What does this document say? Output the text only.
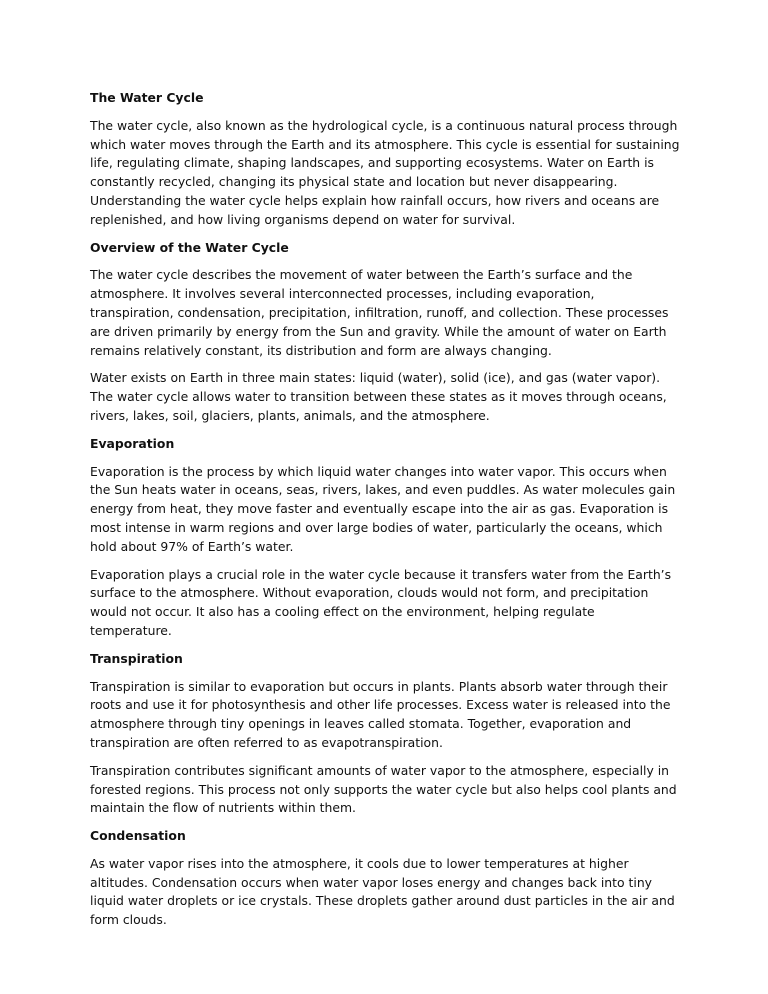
The Water Cycle

The water cycle, also known as the hydrological cycle, is a continuous natural process through which water moves through the Earth and its atmosphere. This cycle is essential for sustaining life, regulating climate, shaping landscapes, and supporting ecosystems. Water on Earth is constantly recycled, changing its physical state and location but never disappearing. Understanding the water cycle helps explain how rainfall occurs, how rivers and oceans are replenished, and how living organisms depend on water for survival.

Overview of the Water Cycle

The water cycle describes the movement of water between the Earth’s surface and the atmosphere. It involves several interconnected processes, including evaporation, transpiration, condensation, precipitation, infiltration, runoff, and collection. These processes are driven primarily by energy from the Sun and gravity. While the amount of water on Earth remains relatively constant, its distribution and form are always changing.

Water exists on Earth in three main states: liquid (water), solid (ice), and gas (water vapor). The water cycle allows water to transition between these states as it moves through oceans, rivers, lakes, soil, glaciers, plants, animals, and the atmosphere.

Evaporation

Evaporation is the process by which liquid water changes into water vapor. This occurs when the Sun heats water in oceans, seas, rivers, lakes, and even puddles. As water molecules gain energy from heat, they move faster and eventually escape into the air as gas. Evaporation is most intense in warm regions and over large bodies of water, particularly the oceans, which hold about 97% of Earth’s water.

Evaporation plays a crucial role in the water cycle because it transfers water from the Earth’s surface to the atmosphere. Without evaporation, clouds would not form, and precipitation would not occur. It also has a cooling effect on the environment, helping regulate temperature.

Transpiration

Transpiration is similar to evaporation but occurs in plants. Plants absorb water through their roots and use it for photosynthesis and other life processes. Excess water is released into the atmosphere through tiny openings in leaves called stomata. Together, evaporation and transpiration are often referred to as evapotranspiration.

Transpiration contributes significant amounts of water vapor to the atmosphere, especially in forested regions. This process not only supports the water cycle but also helps cool plants and maintain the flow of nutrients within them.

Condensation

As water vapor rises into the atmosphere, it cools due to lower temperatures at higher altitudes. Condensation occurs when water vapor loses energy and changes back into tiny liquid water droplets or ice crystals. These droplets gather around dust particles in the air and form clouds.
